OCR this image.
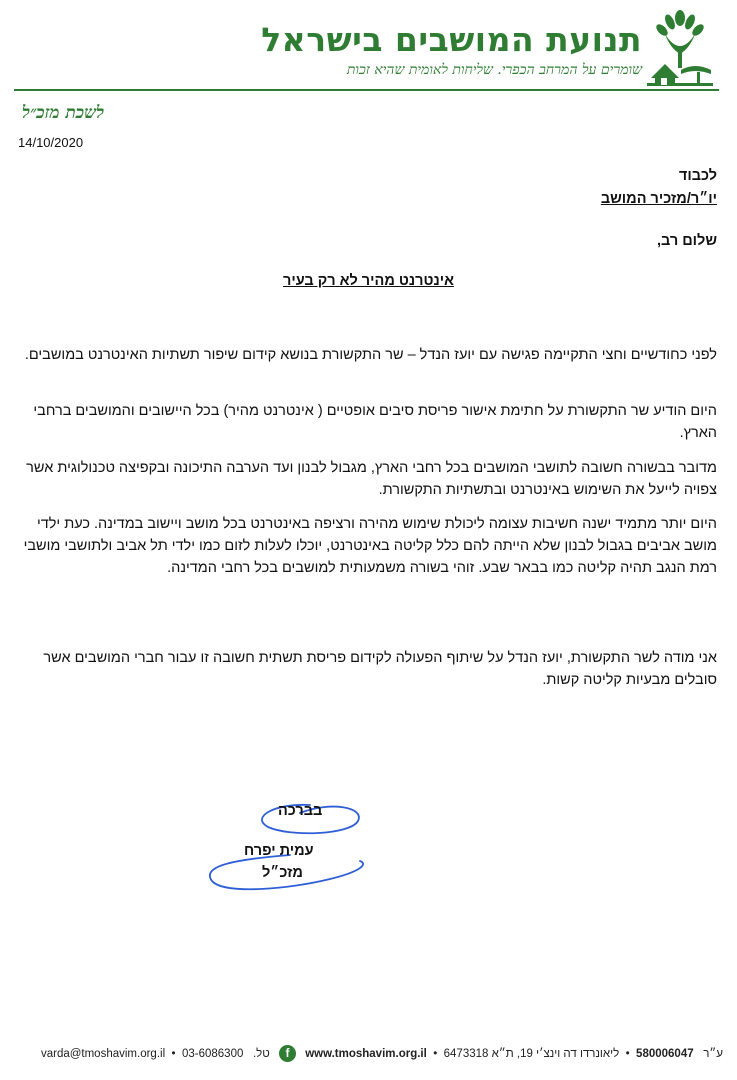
תנועת המושבים בישראל
שומרים על המרחב הכפרי. שליחות לאומית שהיא זכות
לשכת מזכ״ל
14/10/2020
לכבוד
יו״ר/מזכיר המושב
שלום רב,
אינטרנט מהיר לא רק בעיר
לפני כחודשיים וחצי התקיימה פגישה עם יועז הנדל – שר התקשורת בנושא קידום שיפור תשתיות האינטרנט במושבים.
היום הודיע שר התקשורת על חתימת אישור פריסת סיבים אופטיים ( אינטרנט מהיר) בכל היישובים והמושבים ברחבי הארץ.
מדובר בבשורה חשובה לתושבי המושבים בכל רחבי הארץ, מגבול לבנון ועד הערבה התיכונה ובקפיצה טכנולוגית אשר צפויה לייעל את השימוש באינטרנט ובתשתיות התקשורת.
היום יותר מתמיד ישנה חשיבות עצומה ליכולת שימוש מהירה ורציפה באינטרנט בכל מושב ויישוב במדינה. כעת ילדי מושב אביבים בגבול לבנון שלא הייתה להם כלל קליטה באינטרנט, יוכלו לעלות לזום כמו ילדי תל אביב ולתושבי מושבי רמת הנגב תהיה קליטה כמו בבאר שבע. זוהי בשורה משמעותית למושבים בכל רחבי המדינה.
אני מודה לשר התקשורת, יועז הנדל על שיתוף הפעולה לקידום פריסת תשתית חשובה זו עבור חברי המושבים אשר סובלים מבעיות קליטה קשות.
בברכה
עמית יפרח
מזכ״ל
ע״ר   580006047  •  ליאונרדו דה וינצ׳י 19, ת״א 6473318  •  www.tmoshavim.org.il f טל.   03-6086300  •  varda@tmoshavim.org.il
